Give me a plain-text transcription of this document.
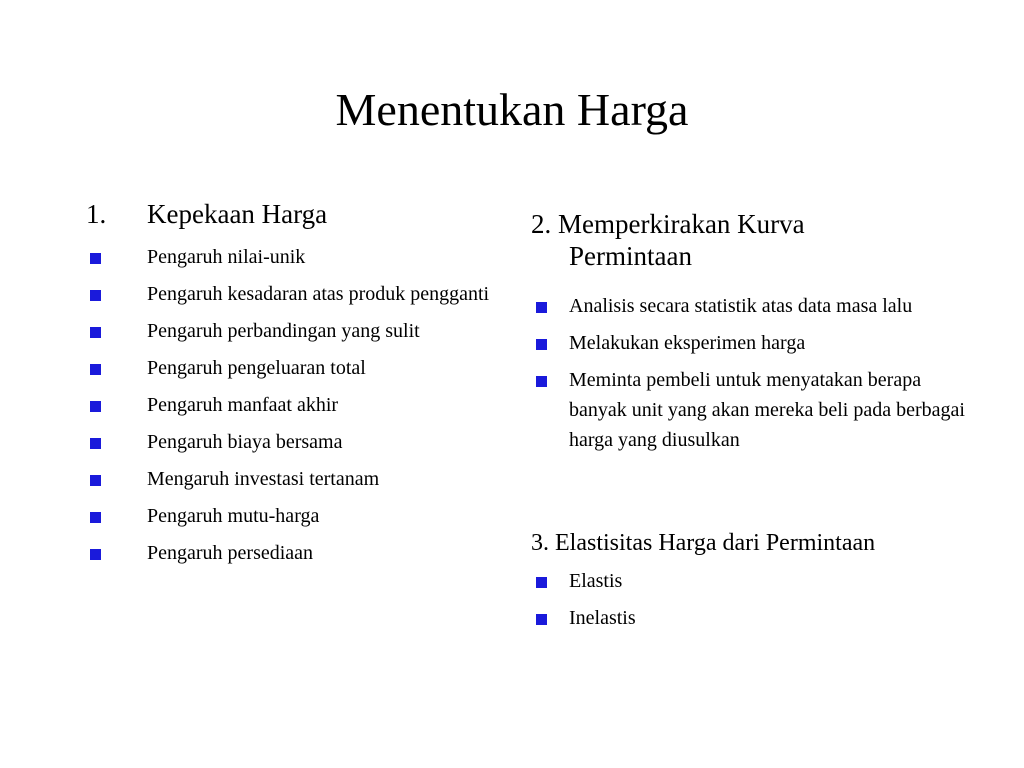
Menentukan Harga
1. Kepekaan Harga
Pengaruh nilai-unik
Pengaruh kesadaran atas produk pengganti
Pengaruh perbandingan yang sulit
Pengaruh pengeluaran total
Pengaruh manfaat akhir
Pengaruh biaya bersama
Mengaruh investasi tertanam
Pengaruh mutu-harga
Pengaruh persediaan
2. Memperkirakan Kurva
Permintaan
Analisis secara statistik atas data masa lalu
Melakukan eksperimen harga
Meminta pembeli untuk menyatakan berapa banyak unit yang akan mereka beli pada berbagai harga yang diusulkan
3. Elastisitas Harga dari Permintaan
Elastis
Inelastis
